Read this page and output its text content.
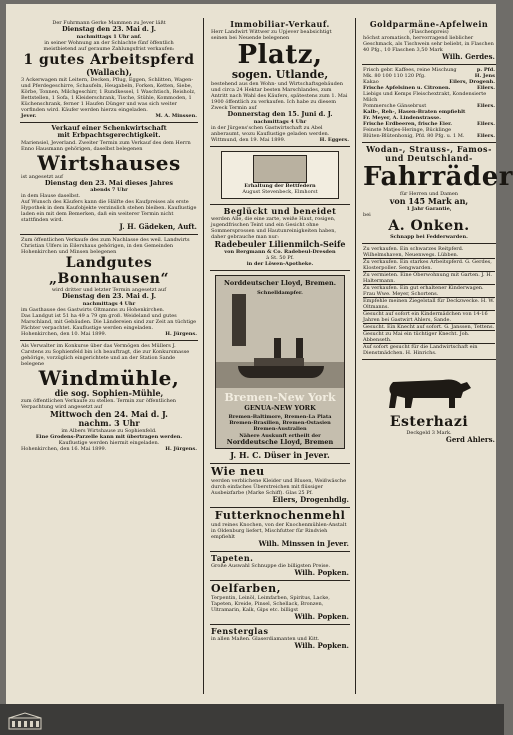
Der Fuhrmann Gerke Mammen zu Jever läßt

Dienstag den 23. Mai d. J.

nachmittags 1 Uhr anf.

in seiner Wohnung an der Schlachte fünf öffentlich

meistbietend auf geraume Zahlungsfrist verkaufen:

1 gutes Arbeitspferd

(Wallach),

3 Ackerwagen mit Leitern, Decken, Pflug, Eggen, Schlitten, Wagen- und Pferdegeschirre, Schaufeln, Heugabeln, Forken, Ketten, Siebe, Körbe, Tonnen, Milchgeschirr, 1 Rundkessel, 1 Waschtisch, Reisholz, Bettstellen, 1 Sofa, 1 Kleiderschrank, Tische, Stühle, Kommoden, 1 Küchenschrank, ferner 1 Haufen Dünger und was sich weiter vorfinden wird. Käufer werden hierzu eingeladen.

Jever.	M. A. Minssen.

Verkauf einer Schenkwirtschaft

mit Erbpachtsgerechtigkeit.

Mariensiel, Jeverland. Zweiter Termin zum Verkauf des dem Herrn Enno Hausmann gehörigen, daselbst belegenen

Wirtshauses

ist angesetzt auf

Dienstag den 23. Mai dieses Jahres

abends 7 Uhr

in dem Hause daselbst.

Auf Wunsch des Käufers kann die Hälfte des Kaufpreises als erste Hypothek in dem Kaufobjekte verzinslich stehen bleiben. Kauflustige laden ein mit dem Bemerken, daß ein weiterer Termin nicht stattfinden wird.

J. H. Gädeken, Auft.

Zum öffentlichen Verkaufe des zum Nachlasse des weil. Landwirts Christian Ulfers in Eilershaus gehörigen, in den Gemeinden Hohenkirchen und Minsen belegenen

Landgutes

„Bonnhausen“

wird dritter und letzter Termin angesetzt auf

Dienstag den 23. Mai d. J.

nachmittags 4 Uhr

im Gasthause des Gastwirts Oltmanns zu Hohenkirchen.

Das Landgut ist 51 ha 49 a 79 qm groß. Weideland und gutes Marschland, mit Gebäuden. Die Ländereien sind zur Zeit an tüchtige Pächter verpachtet. Kauflustige werden eingeladen.

Hohenkirchen, den 10. Mai 1899.	H. Jürgens.

Als Verwalter im Konkurse über das Vermögen des Müllers J. Carstens zu Sophienfeld bin ich beauftragt, die zur Konkursmasse gehörige, vorzüglich eingerichtete und an der Station Sande belegene

Windmühle,

die sog. Sophien-Mühle,

zum öffentlichen Verkaufe zu stellen. Termin zur öffentlichen Verpachtung wird angesetzt auf

Mittwoch den 24. Mai d. J.

nachm. 3 Uhr

im Albers Wirtshause zu Sophienfeld.

Eine Grodens-Parzelle kann mit übertragen werden.

Kauflustige werden hiermit eingeladen.

Hohenkirchen, den 16. Mai 1899.	H. Jürgens.

Immobiliar-Verkauf.

Herr Landwirt Wittwer zu Upjever beabsichtigt seinen bei Neuende belegenen

Platz,

sogen. Utlande,

bestehend aus den Wohn- und Wirtschaftsgebäuden und circa 24 Hektar besten Marschlandes, zum Antritt nach Wahl des Käufers, spätestens zum 1. Mai 1900 öffentlich zu verkaufen. Ich habe zu diesem Zweck Termin auf

Donnerstag den 15. Juni d. J.

nachmittags 4 Uhr

in der Jürgens'schen Gastwirtschaft zu Abel anberaumt, wozu Kauflustige geladen werden.

Wittmund, den 19. Mai 1899.	H. Eggers.

Erhaltung der Bettfedern

August Stevenbeck, Elmhorst

Beglückt und beneidet

werden Alle, die eine zarte, weiße Haut, rosigen, jugendfrischen Teint und ein Gesicht ohne Sommersprossen und Hautunreinigkeiten haben, daher gebrauche man nur:

Radebeuler Lilienmilch-Seife

von Bergmann & Co. Radebeul-Dresden

à St. 50 Pf.

in der Löwen-Apotheke.

Norddeutscher Lloyd, Bremen.
Schnelldampfer.
Bremen-New York
GENUA-NEW YORK
Bremen-Baltimore, Bremen-La Plata
Bremen-Brasilien, Bremen-Ostasien
Bremen-Australien
Nähere Auskunft ertheilt der
Norddeutsche Lloyd, Bremen

J. H. C. Düser in Jever.

Wie neu

werden verblichene Kleider und Blusen, Weißwäsche durch einfaches Überstreichen mit flüssiger Ausbeizfarbe (Marke Schiff). Glas 25 Pf.

Eilers, Drogenhdlg.

Futterknochenmehl

und reines Knochen, von der Knochenmühlen-Anstalt in Oldenburg liefert, Mischfutter für Rindvieh empfiehlt

Wilh. Minssen in Jever.

Tapeten.

Große Auswahl Schnuppe die billigsten Preise.

Wilh. Popken.

Oelfarben,

Terpentin, Leinöl, Leimfarben, Spiritus, Lacke, Tapeten, Kreide, Pinsel, Schellack, Bronzen, Ultramarin, Kalk, Gips etc. billigst

Wilh. Popken.

Fensterglas

in allen Maßen. Glaserdiamanten und Kitt.

Wilh. Popken.

Goldparmäne-Apfelwein

(Flaschenpreis)

höchst aromatisch, hervorragend lieblicher Geschmack, als Tischwein sehr beliebt, in Flaschen 40 Pfg., 10 Flaschen 3,50 Mark

Wilh. Gerdes.

Frisch gebr. Kaffees, reine Mischung	p. Pfd.
Mk. 80 100 110 120 Pfg.	H. Jens
Kakao	Eilers, Drogenh.
Frische Apfelsinen u. Citronen.	Eilers.
Liebigs und Kemps Fleischextrakt, Kondensierte Milch
Pommersche Gänsebrust	Eilers.
Kalb-, Reh-, Hasen-Braten empfiehlt
Fr. Meyer, A. Lindenstrasse.
Frische Erdbeeren, frische Eier.	Eilers.
Feinste Matjes-Heringe, Bücklinge
Blüten-Blütenhonig, Pfd. 80 Pfg. u. 1 M.	Eilers.

Wodan-, Strauss-, Famos-

und Deutschland-

Fahrräder

für Herren und Damen

von 145 Mark an,

1 Jahr Garantie,

bei

A. Onken.

Schnapp bei Fedderwarden.

Zu verkaufen. Ein schwarzes Reitpferd. Wilhelmshaven, Neuenwegs. Lübben.

Zu verkaufen. Ein starkes Arbeitspferd. G. Gerdes, Klosterpoller. Sengwarden.

Zu vermieten. Eine Oberwohnung mit Garten. J. H. Haltermann.

Zu verkaufen. Ein gut erhaltener Kinderwagen. Frau Wwe. Meyer, Schortens.

Empfehle meinen Ziegelstall für Deckzwecke. H. W. Oltmanns.

Gesucht auf sofort ein Kindermädchen von 14-16 Jahren bei Gastwirt Ahlers, Sande.

Gesucht. Ein Knecht auf sofort. G. Janssen, Tettens.

Gesucht zu Mai ein tüchtiger Knecht. Joh. Abbenseth.

Auf sofort gesucht für die Landwirtschaft ein Dienstmädchen. H. Hinrichs.

Esterhazi

Deckgeld 3 Mark.

Gerd Ahlers.
